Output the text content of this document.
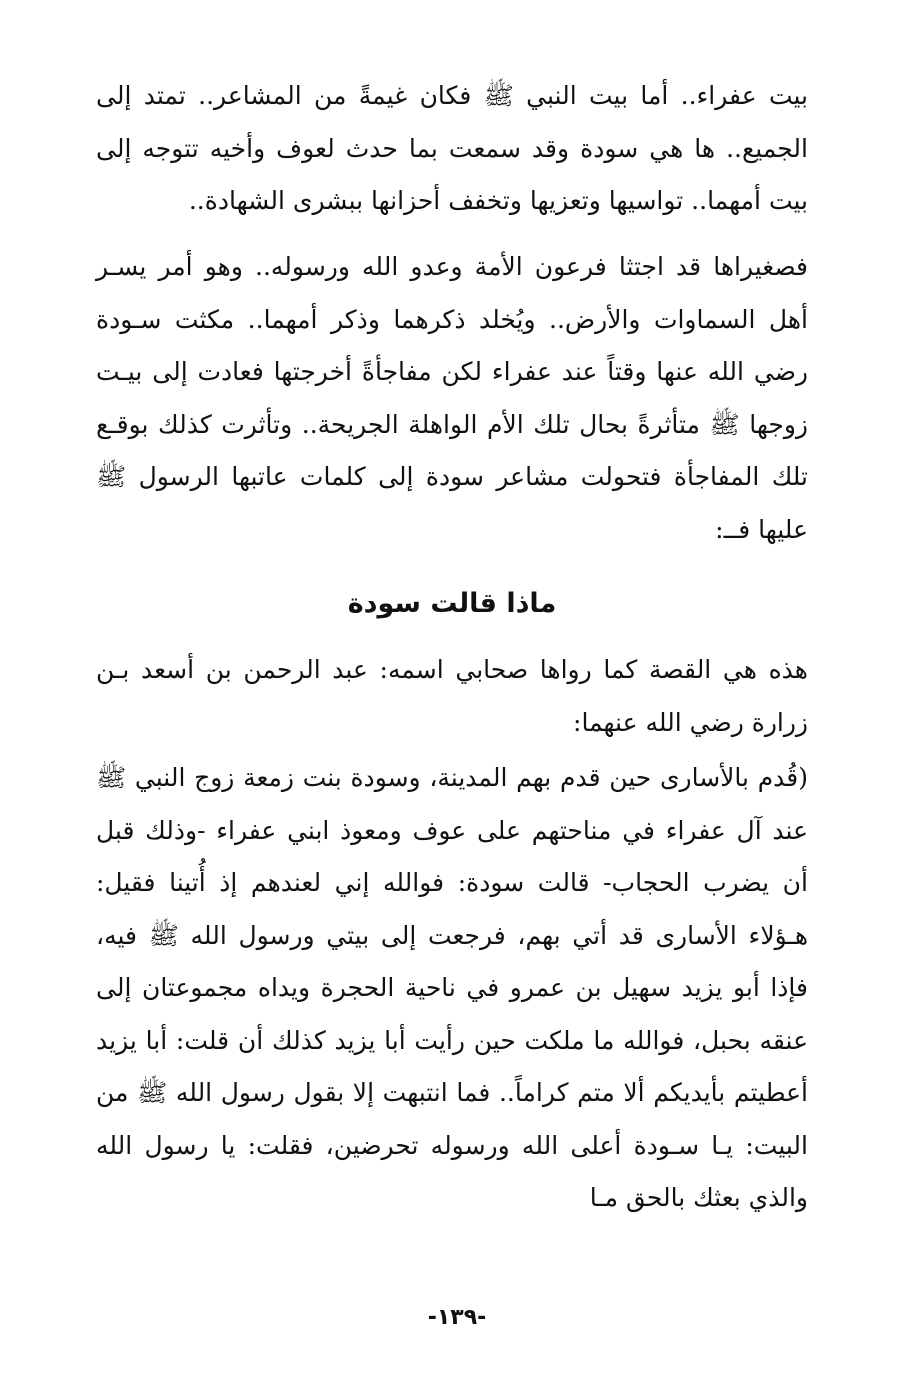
بيت عفراء.. أما بيت النبي ﷺ فكان غيمةً من المشاعر.. تمتد إلى الجميع.. ها هي سودة وقد سمعت بما حدث لعوف وأخيه تتوجه إلى بيت أمهما.. تواسيها وتعزيها وتخفف أحزانها ببشرى الشهادة..

فصغيراها قد اجتثا فرعون الأمة وعدو الله ورسوله.. وهو أمر يسـر أهل السماوات والأرض.. ويُخلد ذكرهما وذكر أمهما.. مكثت سـودة رضي الله عنها وقتاً عند عفراء لكن مفاجأةً أخرجتها فعادت إلى بيـت زوجها ﷺ متأثرةً بحال تلك الأم الواهلة الجريحة.. وتأثرت كذلك بوقـع تلك المفاجأة فتحولت مشاعر سودة إلى كلمات عاتبها الرسول ﷺ عليها فــ:

ماذا قالت سودة

هذه هي القصة كما رواها صحابي اسمه: عبد الرحمن بن أسعد بـن زرارة رضي الله عنهما:

(قُدم بالأسارى حين قدم بهم المدينة، وسودة بنت زمعة زوج النبي ﷺ عند آل عفراء في مناحتهم على عوف ومعوذ ابني عفراء -وذلك قبل أن يضرب الحجاب- قالت سودة: فوالله إني لعندهم إذ أُتينا فقيل: هـؤلاء الأسارى قد أتي بهم، فرجعت إلى بيتي ورسول الله ﷺ فيه، فإذا أبو يزيد سهيل بن عمرو في ناحية الحجرة ويداه مجموعتان إلى عنقه بحبل، فوالله ما ملكت حين رأيت أبا يزيد كذلك أن قلت: أبا يزيد أعطيتم بأيديكم ألا متم كراماً.. فما انتبهت إلا بقول رسول الله ﷺ من البيت: يـا سـودة أعلى الله ورسوله تحرضين، فقلت: يا رسول الله والذي بعثك بالحق مـا

-١٣٩-
